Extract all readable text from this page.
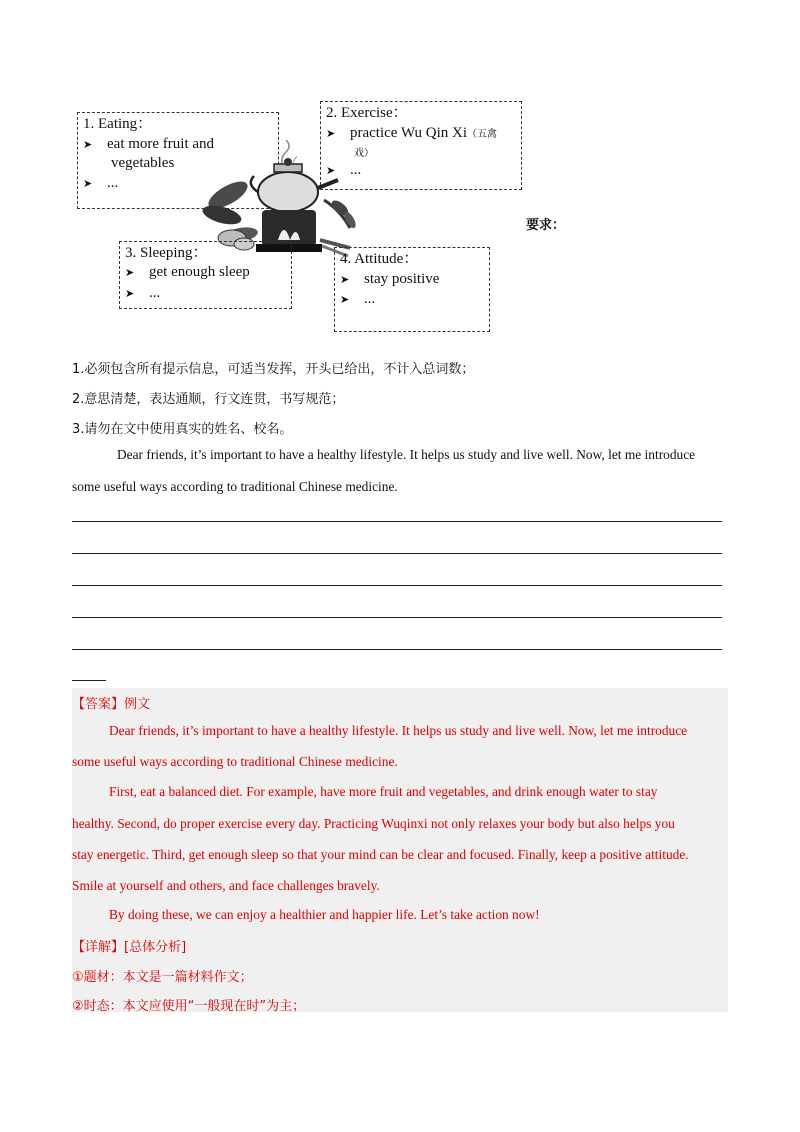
1. Eating：
➤ eat more fruit and
vegetables
➤ ...
2. Exercise：
➤ practice Wu Qin Xi（五禽
戏）
➤ ...
3. Sleeping：
➤ get enough sleep
➤ ...
4. Attitude：
➤ stay positive
➤ ...
要求：
1.必须包含所有提示信息，可适当发挥，开头已给出，不计入总词数；
2.意思清楚，表达通顺，行文连贯，书写规范；
3.请勿在文中使用真实的姓名、校名。
Dear friends, it’s important to have a healthy lifestyle. It helps us study and live well. Now, let me introduce
some useful ways according to traditional Chinese medicine.
【答案】例文
Dear friends, it’s important to have a healthy lifestyle. It helps us study and live well. Now, let me introduce
some useful ways according to traditional Chinese medicine.
First, eat a balanced diet. For example, have more fruit and vegetables, and drink enough water to stay
healthy. Second, do proper exercise every day. Practicing Wuqinxi not only relaxes your body but also helps you
stay energetic. Third, get enough sleep so that your mind can be clear and focused. Finally, keep a positive attitude.
Smile at yourself and others, and face challenges bravely.
By doing these, we can enjoy a healthier and happier life. Let’s take action now!
【详解】[总体分析]
①题材：本文是一篇材料作文；
②时态：本文应使用“一般现在时”为主；
